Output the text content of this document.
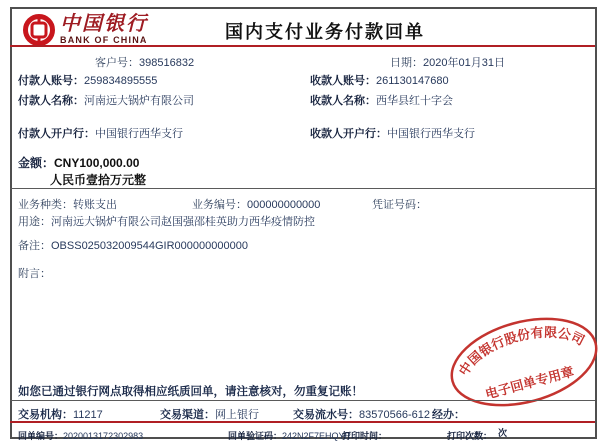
中国银行
BANK OF CHINA	国内支付业务付款回单
客户号：398516832	日期：2020年01月31日
付款人账号：259834895555	收款人账号：261130147680
付款人名称：河南远大锅炉有限公司	收款人名称：西华县红十字会
付款人开户行：中国银行西华支行	收款人开户行：中国银行西华支行
金额：CNY100,000.00
人民币壹拾万元整
业务种类：转账支出	业务编号：000000000000	凭证号码：
用途：河南远大锅炉有限公司赵国强邵桂英助力西华疫情防控
备注：OBSS025032009544GIR000000000000
附言：
中国银行股份有限公司
电子回单专用章
如您已通过银行网点取得相应纸质回单，请注意核对，勿重复记账！
交易机构：11217	交易渠道：网上银行	交易流水号：83570566-612 经办：
回单编号：2020013172302983	回单验证码：242N2F7EHQYR
打印时间：	打印次数： 次
